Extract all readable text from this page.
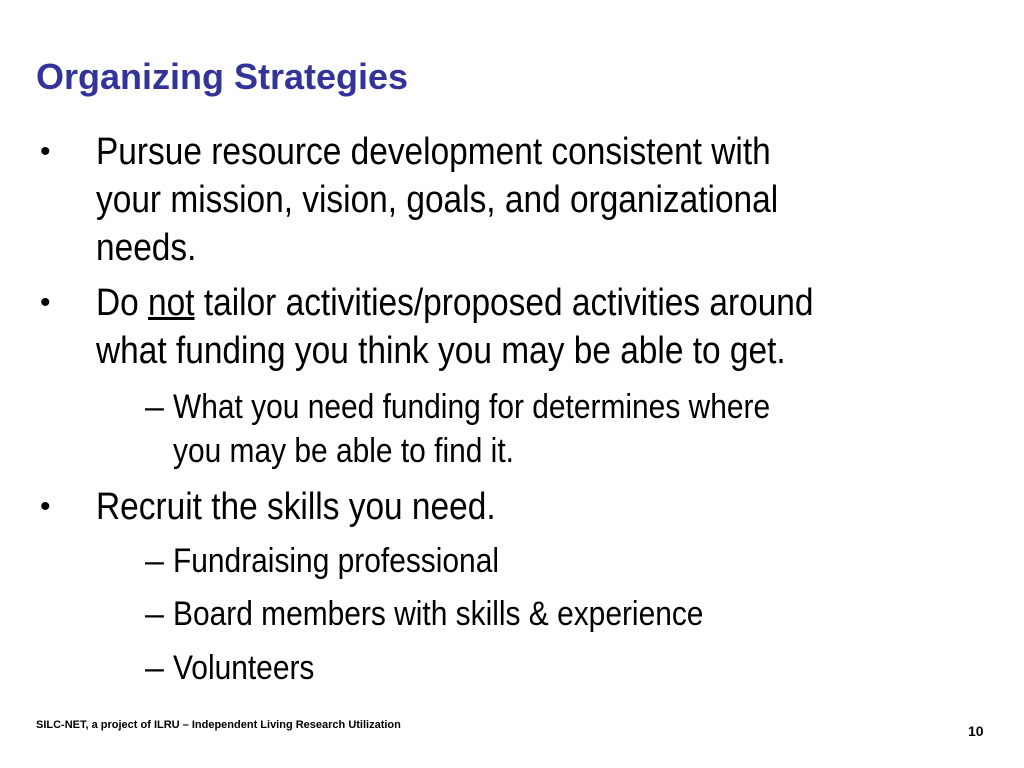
Organizing Strategies
•	Pursue resource development consistent with
your mission, vision, goals, and organizational
needs.
•	Do not tailor activities/proposed activities around
what funding you think you may be able to get.
– What you need funding for determines where
you may be able to find it.
•	Recruit the skills you need.
– Fundraising professional
– Board members with skills & experience
– Volunteers
SILC-NET, a project of ILRU – Independent Living Research Utilization	10
